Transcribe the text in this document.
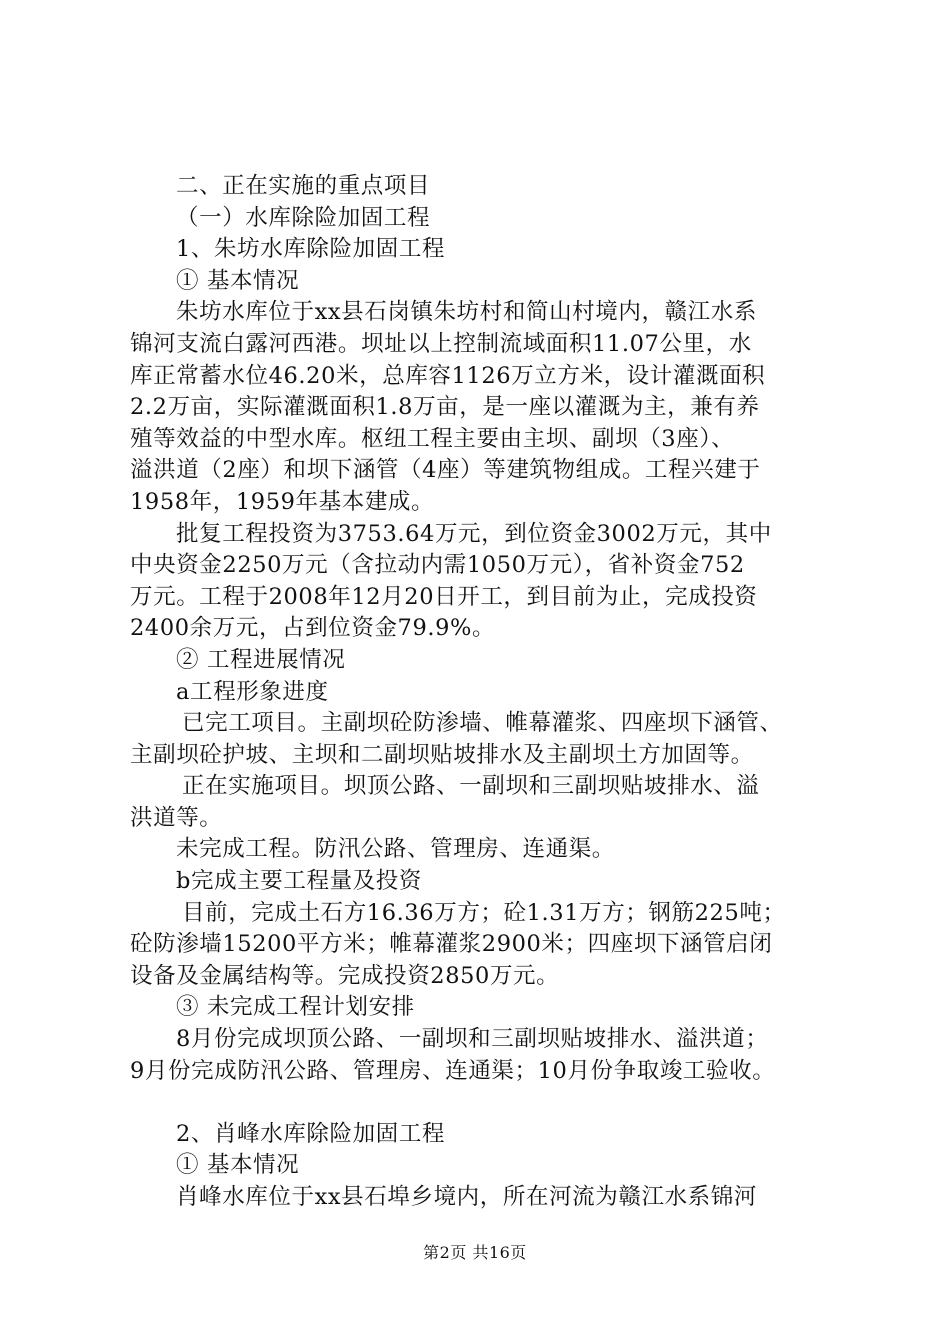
二、正在实施的重点项目
（一）水库除险加固工程
1、朱坊水库除险加固工程
① 基本情况
朱坊水库位于xx县石岗镇朱坊村和简山村境内，赣江水系
锦河支流白露河西港。坝址以上控制流域面积11.07公里，水
库正常蓄水位46.20米，总库容1126万立方米，设计灌溉面积
2.2万亩，实际灌溉面积1.8万亩，是一座以灌溉为主，兼有养
殖等效益的中型水库。枢纽工程主要由主坝、副坝（3座）、
溢洪道（2座）和坝下涵管（4座）等建筑物组成。工程兴建于
1958年，1959年基本建成。
批复工程投资为3753.64万元，到位资金3002万元，其中
中央资金2250万元（含拉动内需1050万元），省补资金752
万元。工程于2008年12月20日开工，到目前为止，完成投资
2400余万元，占到位资金79.9%。
② 工程进展情况
a工程形象进度
已完工项目。主副坝砼防渗墙、帷幕灌浆、四座坝下涵管、
主副坝砼护坡、主坝和二副坝贴坡排水及主副坝土方加固等。
正在实施项目。坝顶公路、一副坝和三副坝贴坡排水、溢
洪道等。
未完成工程。防汛公路、管理房、连通渠。
b完成主要工程量及投资
目前，完成土石方16.36万方；砼1.31万方；钢筋225吨；
砼防渗墙15200平方米；帷幕灌浆2900米；四座坝下涵管启闭
设备及金属结构等。完成投资2850万元。
③ 未完成工程计划安排
8月份完成坝顶公路、一副坝和三副坝贴坡排水、溢洪道；
9月份完成防汛公路、管理房、连通渠；10月份争取竣工验收。
2、肖峰水库除险加固工程
① 基本情况
肖峰水库位于xx县石埠乡境内，所在河流为赣江水系锦河
第2页 共16页
